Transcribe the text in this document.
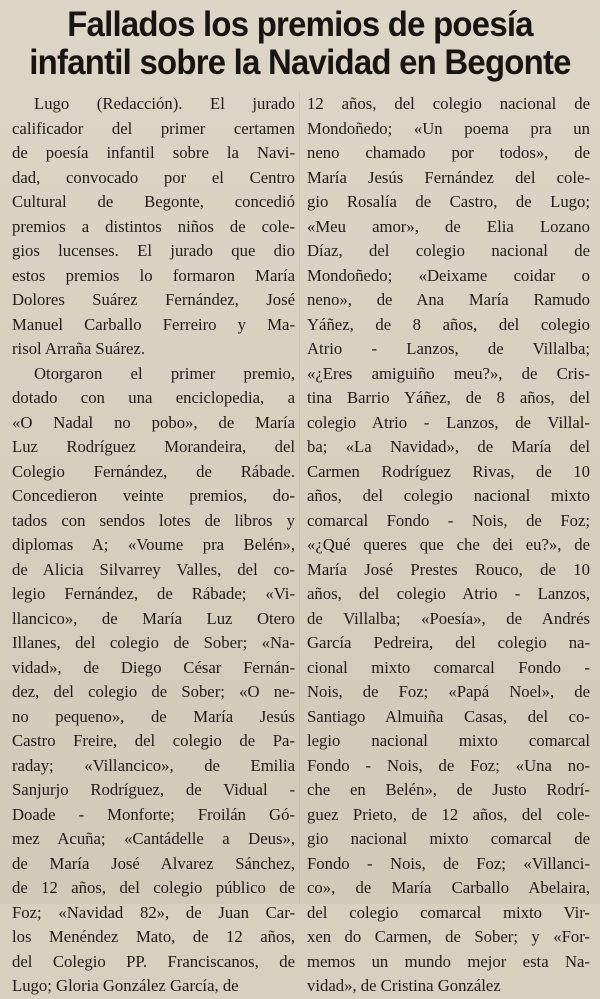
Fallados los premios de poesía
infantil sobre la Navidad en Begonte
Lugo (Redacción). El jurado
calificador del primer certamen
de poesía infantil sobre la Navi-
dad, convocado por el Centro
Cultural de Begonte, concedió
premios a distintos niños de cole-
gios lucenses. El jurado que dio
estos premios lo formaron María
Dolores Suárez Fernández, José
Manuel Carballo Ferreiro y Ma-
risol Arraña Suárez.
Otorgaron el primer premio,
dotado con una enciclopedia, a
«O Nadal no pobo», de María
Luz Rodríguez Morandeira, del
Colegio Fernández, de Rábade.
Concedieron veinte premios, do-
tados con sendos lotes de libros y
diplomas A; «Voume pra Belén»,
de Alicia Silvarrey Valles, del co-
legio Fernández, de Rábade; «Vi-
llancico», de María Luz Otero
Illanes, del colegio de Sober; «Na-
vidad», de Diego César Fernán-
dez, del colegio de Sober; «O ne-
no pequeno», de María Jesús
Castro Freire, del colegio de Pa-
raday; «Villancico», de Emilia
Sanjurjo Rodríguez, de Vidual -
Doade - Monforte; Froilán Gó-
mez Acuña; «Cantádelle a Deus»,
de María José Alvarez Sánchez,
de 12 años, del colegio público de
Foz; «Navidad 82», de Juan Car-
los Menéndez Mato, de 12 años,
del Colegio PP. Franciscanos, de
Lugo; Gloria González García, de
12 años, del colegio nacional de
Mondoñedo; «Un poema pra un
neno chamado por todos», de
María Jesús Fernández del cole-
gio Rosalía de Castro, de Lugo;
«Meu amor», de Elia Lozano
Díaz, del colegio nacional de
Mondoñedo; «Deixame coidar o
neno», de Ana María Ramudo
Yáñez, de 8 años, del colegio
Atrio - Lanzos, de Villalba;
«¿Eres amiguiño meu?», de Cris-
tina Barrio Yáñez, de 8 años, del
colegio Atrio - Lanzos, de Villal-
ba; «La Navidad», de María del
Carmen Rodríguez Rivas, de 10
años, del colegio nacional mixto
comarcal Fondo - Nois, de Foz;
«¿Qué queres que che dei eu?», de
María José Prestes Rouco, de 10
años, del colegio Atrio - Lanzos,
de Villalba; «Poesía», de Andrés
García Pedreira, del colegio na-
cional mixto comarcal Fondo -
Nois, de Foz; «Papá Noel», de
Santiago Almuiña Casas, del co-
legio nacional mixto comarcal
Fondo - Nois, de Foz; «Una no-
che en Belén», de Justo Rodrí-
guez Prieto, de 12 años, del cole-
gio nacional mixto comarcal de
Fondo - Nois, de Foz; «Villanci-
co», de María Carballo Abelaira,
del colegio comarcal mixto Vir-
xen do Carmen, de Sober; y «For-
memos un mundo mejor esta Na-
vidad», de Cristina González
